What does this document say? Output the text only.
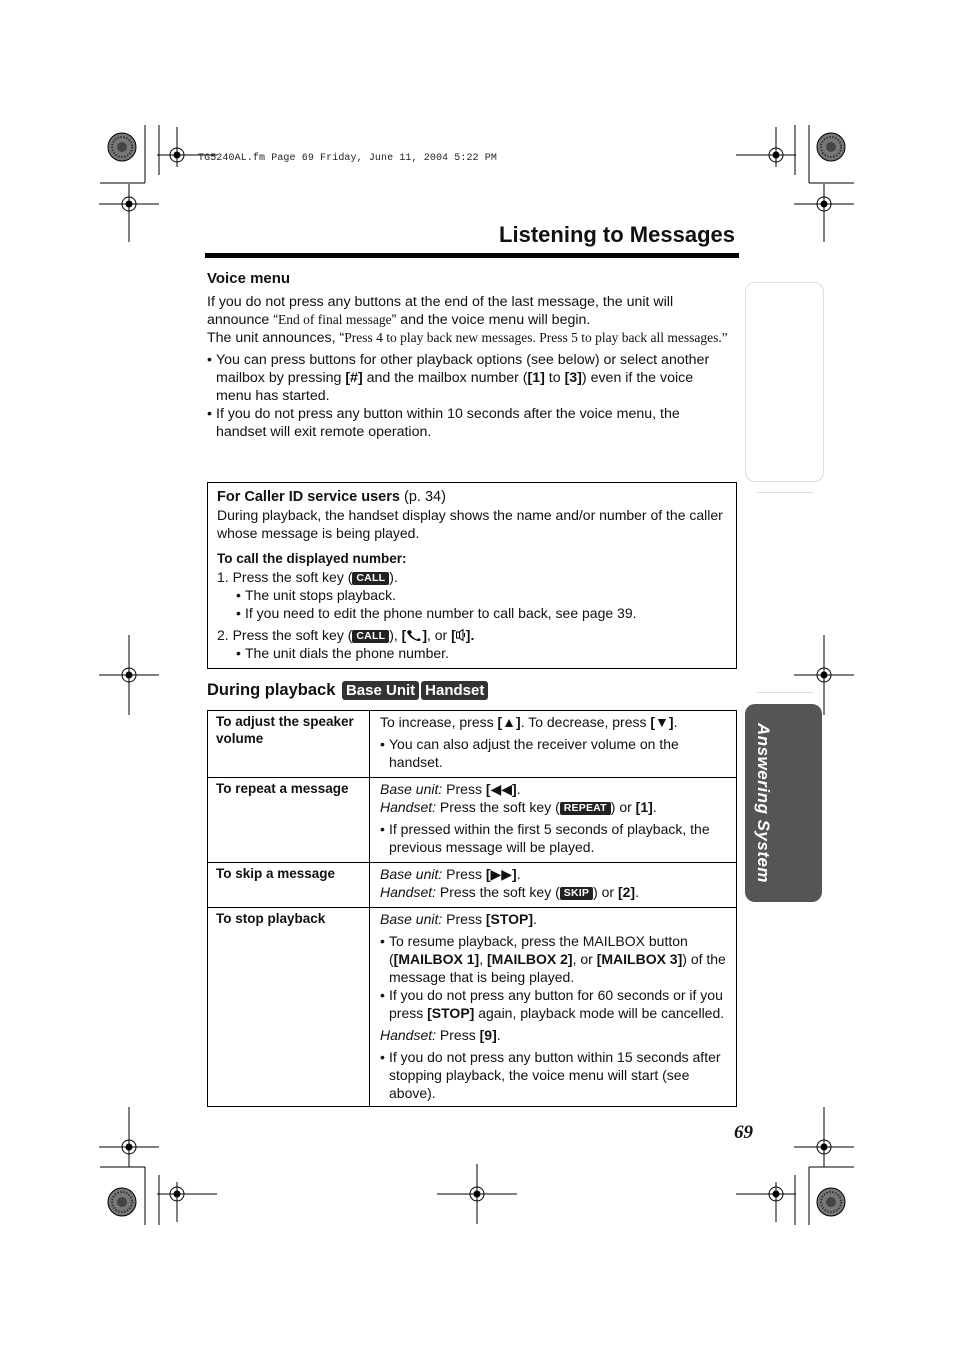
TG5240AL.fm Page 69 Friday, June 11, 2004 5:22 PM
Listening to Messages
Voice menu

If you do not press any buttons at the end of the last message, the unit will announce “End of final message” and the voice menu will begin.

The unit announces, “Press 4 to play back new messages. Press 5 to play back all messages.”

• You can press buttons for other playback options (see below) or select another mailbox by pressing [#] and the mailbox number ([1] to [3]) even if the voice menu has started.
• If you do not press any button within 10 seconds after the voice menu, the handset will exit remote operation.
For Caller ID service users (p. 34)
During playback, the handset display shows the name and/or number of the caller whose message is being played.
To call the displayed number:
1. Press the soft key ( CALL ).
• The unit stops playback.
• If you need to edit the phone number to call back, see page 39.
2. Press the soft key ( CALL ), [ ], or [ ].
• The unit dials the phone number.
During playback Base Unit Handset
To adjust the speaker volume	To increase, press [▲]. To decrease, press [▼].
• You can also adjust the receiver volume on the handset.

To repeat a message	Base unit: Press [◀◀].
Handset: Press the soft key ( REPEAT ) or [1].
• If pressed within the first 5 seconds of playback, the previous message will be played.

To skip a message	Base unit: Press [▶▶].
Handset: Press the soft key ( SKIP ) or [2].

To stop playback	Base unit: Press [STOP].
• To resume playback, press the MAILBOX button ([MAILBOX 1], [MAILBOX 2], or [MAILBOX 3]) of the message that is being played.
• If you do not press any button for 60 seconds or if you press [STOP] again, playback mode will be cancelled.
Handset: Press [9].
• If you do not press any button within 15 seconds after stopping playback, the voice menu will start (see above).
Answering System
69
